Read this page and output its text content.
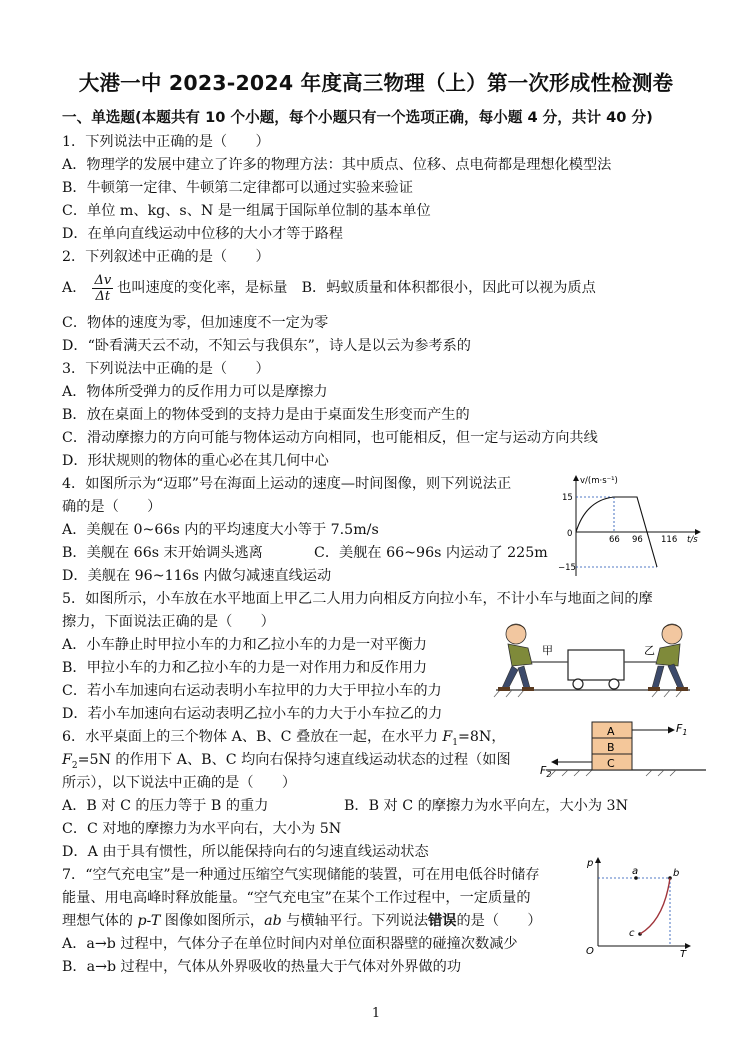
大港一中 2023-2024 年度高三物理（上）第一次形成性检测卷
一、单选题(本题共有 10 个小题，每个小题只有一个选项正确，每小题 4 分，共计 40 分)
1．下列说法中正确的是（　　）
A．物理学的发展中建立了许多的物理方法：其中质点、位移、点电荷都是理想化模型法
B．牛顿第一定律、牛顿第二定律都可以通过实验来验证
C．单位 m、kg、s、N 是一组属于国际单位制的基本单位
D．在单向直线运动中位移的大小才等于路程
2．下列叙述中正确的是（　　）
A． $\frac{\Delta v}{\Delta t}$ 也叫速度的变化率，是标量　B．蚂蚁质量和体积都很小，因此可以视为质点
C．物体的速度为零，但加速度不一定为零
D．“卧看满天云不动，不知云与我俱东”，诗人是以云为参考系的
3．下列说法中正确的是（　　）
A．物体所受弹力的反作用力可以是摩擦力
B．放在桌面上的物体受到的支持力是由于桌面发生形变而产生的
C．滑动摩擦力的方向可能与物体运动方向相同，也可能相反，但一定与运动方向共线
D．形状规则的物体的重心必在其几何中心
4．如图所示为“迈耶”号在海面上运动的速度—时间图像，则下列说法正
确的是（　　）
A．美舰在 0~66s 内的平均速度大小等于 7.5m/s
B．美舰在 66s 末开始调头逃离	C．美舰在 66~96s 内运动了 225m
D．美舰在 96~116s 内做匀减速直线运动
v/(m·s⁻¹)
t/s
15
−15
0
66 96 116
5．如图所示，小车放在水平地面上甲乙二人用力向相反方向拉小车，不计小车与地面之间的摩
擦力，下面说法正确的是（　　）
A．小车静止时甲拉小车的力和乙拉小车的力是一对平衡力
B．甲拉小车的力和乙拉小车的力是一对作用力和反作用力
C．若小车加速向右运动表明小车拉甲的力大于甲拉小车的力
D．若小车加速向右运动表明乙拉小车的力大于小车拉乙的力
甲	乙
6．水平桌面上的三个物体 A、B、C 叠放在一起，在水平力 $F_1=8N$，
$F_2=5N$ 的作用下 A、B、C 均向右保持匀速直线运动状态的过程（如图
所示），以下说法中正确的是（　　）
A．B 对 C 的压力等于 B 的重力	B．B 对 C 的摩擦力为水平向左，大小为 3N
C．C 对地的摩擦力为水平向右，大小为 5N
D．A 由于具有惯性，所以能保持向右的匀速直线运动状态
A
B
C
$F_1$
$F_2$
7．“空气充电宝”是一种通过压缩空气实现储能的装置，可在用电低谷时储存
能量、用电高峰时释放能量。“空气充电宝”在某个工作过程中，一定质量的
理想气体的 p-T 图像如图所示，ab 与横轴平行。下列说法错误的是（　　）
A．a→b 过程中，气体分子在单位时间内对单位面积器壁的碰撞次数减少
B．a→b 过程中，气体从外界吸收的热量大于气体对外界做的功
p
T
O
a	b
c
1
